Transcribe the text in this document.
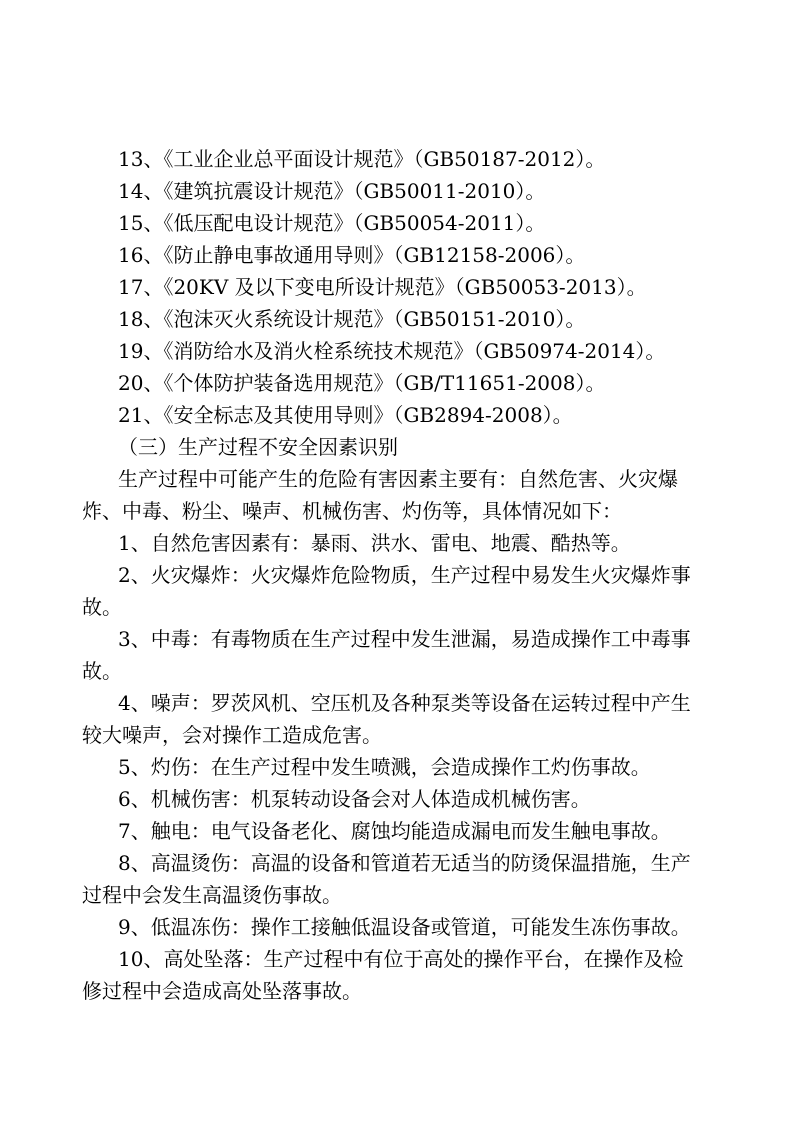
13、《工业企业总平面设计规范》（GB50187-2012）。
14、《建筑抗震设计规范》（GB50011-2010）。
15、《低压配电设计规范》（GB50054-2011）。
16、《防止静电事故通用导则》（GB12158-2006）。
17、《20KV 及以下变电所设计规范》（GB50053-2013）。
18、《泡沫灭火系统设计规范》（GB50151-2010）。
19、《消防给水及消火栓系统技术规范》（GB50974-2014）。
20、《个体防护装备选用规范》（GB/T11651-2008）。
21、《安全标志及其使用导则》（GB2894-2008）。
（三）生产过程不安全因素识别
生产过程中可能产生的危险有害因素主要有：自然危害、火灾爆
炸、中毒、粉尘、噪声、机械伤害、灼伤等，具体情况如下：
1、自然危害因素有：暴雨、洪水、雷电、地震、酷热等。
2、火灾爆炸：火灾爆炸危险物质，生产过程中易发生火灾爆炸事
故。
3、中毒：有毒物质在生产过程中发生泄漏，易造成操作工中毒事
故。
4、噪声：罗茨风机、空压机及各种泵类等设备在运转过程中产生
较大噪声，会对操作工造成危害。
5、灼伤：在生产过程中发生喷溅，会造成操作工灼伤事故。
6、机械伤害：机泵转动设备会对人体造成机械伤害。
7、触电：电气设备老化、腐蚀均能造成漏电而发生触电事故。
8、高温烫伤：高温的设备和管道若无适当的防烫保温措施，生产
过程中会发生高温烫伤事故。
9、低温冻伤：操作工接触低温设备或管道，可能发生冻伤事故。
10、高处坠落：生产过程中有位于高处的操作平台，在操作及检
修过程中会造成高处坠落事故。
